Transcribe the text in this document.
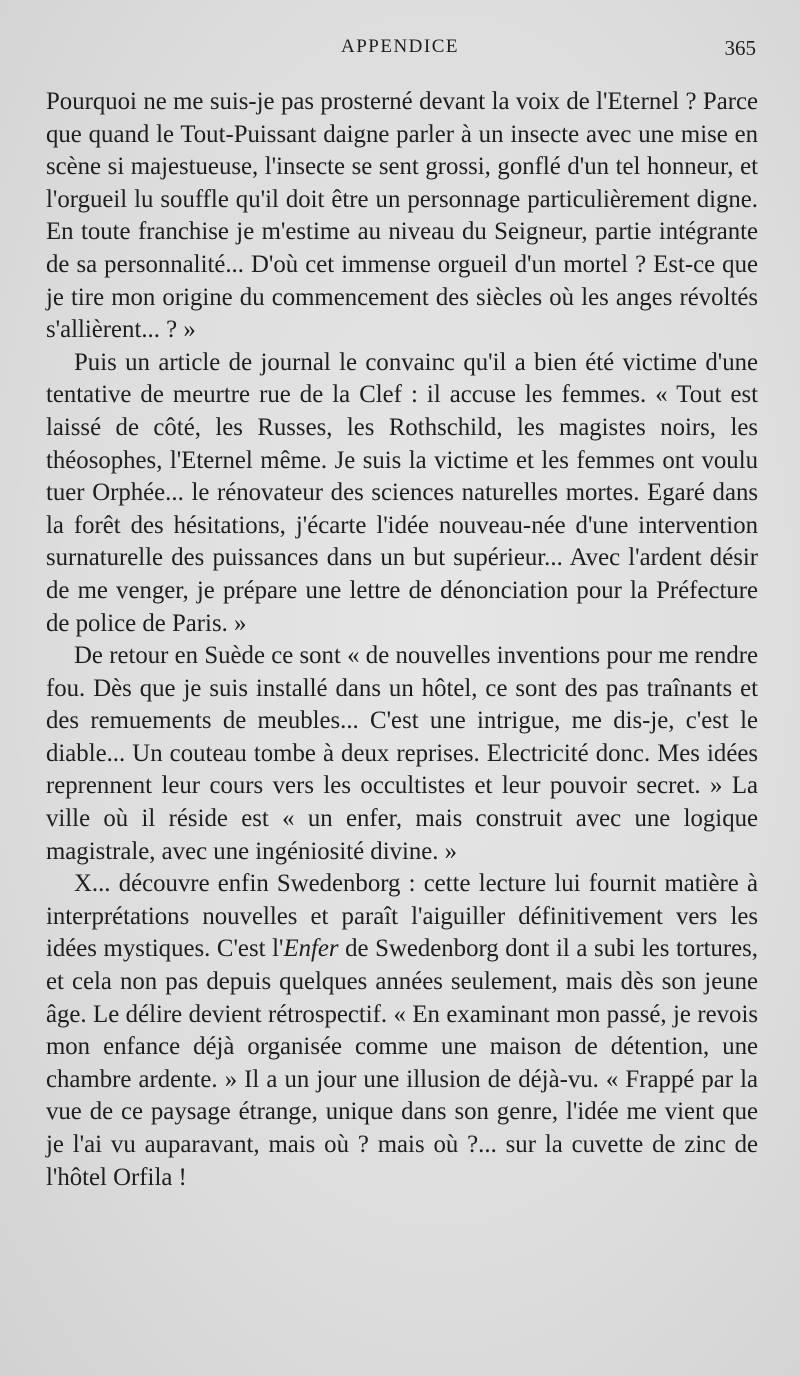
APPENDICE	365

Pourquoi ne me suis-je pas prosterné devant la voix de l'Eternel ? Parce que quand le Tout-Puissant daigne parler à un insecte avec une mise en scène si majestueuse, l'insecte se sent grossi, gonflé d'un tel honneur, et l'orgueil lu souffle qu'il doit être un personnage particulièrement digne. En toute franchise je m'estime au niveau du Seigneur, partie intégrante de sa personnalité... D'où cet immense orgueil d'un mortel ? Est-ce que je tire mon origine du commencement des siècles où les anges révoltés s'allièrent... ? »

Puis un article de journal le convainc qu'il a bien été victime d'une tentative de meurtre rue de la Clef : il accuse les femmes. « Tout est laissé de côté, les Russes, les Rothschild, les magistes noirs, les théosophes, l'Eternel même. Je suis la victime et les femmes ont voulu tuer Orphée... le rénovateur des sciences naturelles mortes. Egaré dans la forêt des hésitations, j'écarte l'idée nouveau-née d'une intervention surnaturelle des puissances dans un but supérieur... Avec l'ardent désir de me venger, je prépare une lettre de dénonciation pour la Préfecture de police de Paris. »

De retour en Suède ce sont « de nouvelles inventions pour me rendre fou. Dès que je suis installé dans un hôtel, ce sont des pas traînants et des remuements de meubles... C'est une intrigue, me dis-je, c'est le diable... Un couteau tombe à deux reprises. Electricité donc. Mes idées reprennent leur cours vers les occultistes et leur pouvoir secret. » La ville où il réside est « un enfer, mais construit avec une logique magistrale, avec une ingéniosité divine. »

X... découvre enfin Swedenborg : cette lecture lui fournit matière à interprétations nouvelles et paraît l'aiguiller définitivement vers les idées mystiques. C'est l'Enfer de Swedenborg dont il a subi les tortures, et cela non pas depuis quelques années seulement, mais dès son jeune âge. Le délire devient rétrospectif. « En examinant mon passé, je revois mon enfance déjà organisée comme une maison de détention, une chambre ardente. » Il a un jour une illusion de déjà-vu. « Frappé par la vue de ce paysage étrange, unique dans son genre, l'idée me vient que je l'ai vu auparavant, mais où ? mais où ?... sur la cuvette de zinc de l'hôtel Orfila !
